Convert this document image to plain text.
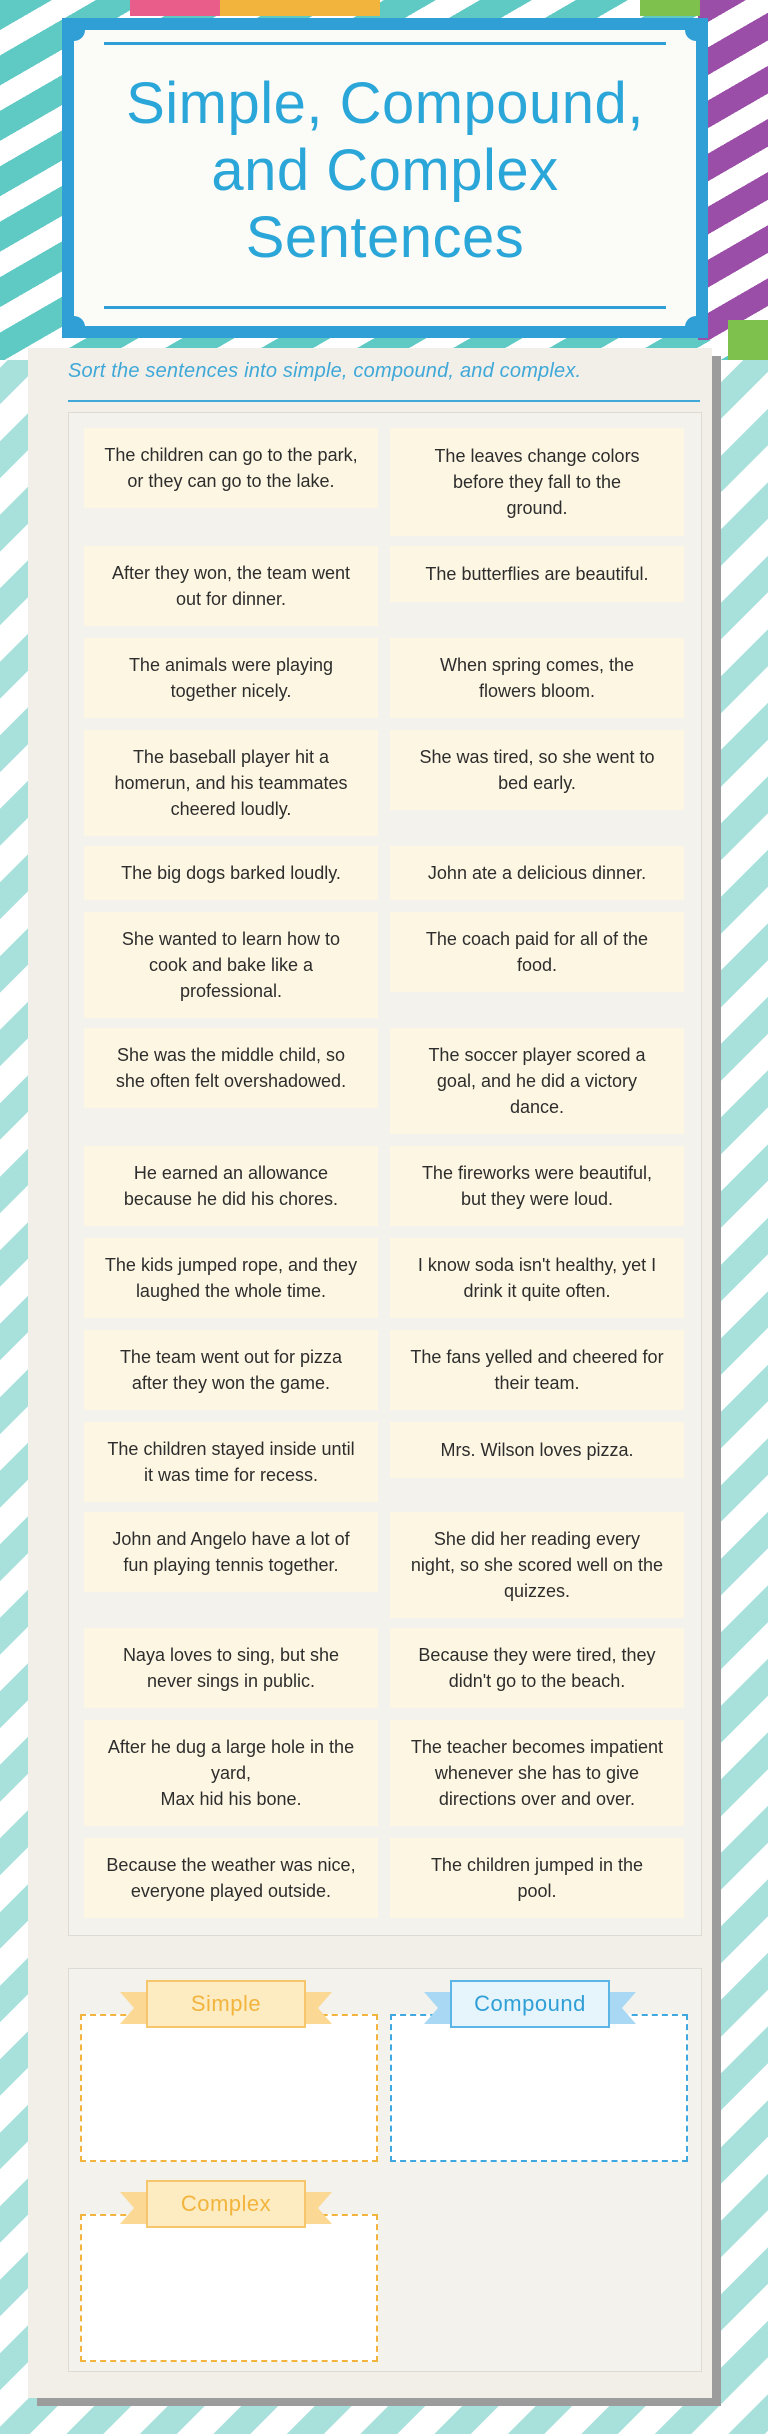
Simple, Compound,
and Complex
Sentences
Sort the sentences into simple, compound, and complex.
The children can go to the park,
or they can go to the lake.
The leaves change colors
before they fall to the
ground.
After they won, the team went
out for dinner.
The butterflies are beautiful.
The animals were playing
together nicely.
When spring comes, the
flowers bloom.
The baseball player hit a
homerun, and his teammates
cheered loudly.
She was tired, so she went to
bed early.
The big dogs barked loudly.	John ate a delicious dinner.
She wanted to learn how to
cook and bake like a
professional.
The coach paid for all of the
food.
She was the middle child, so
she often felt overshadowed.
The soccer player scored a
goal, and he did a victory
dance.
He earned an allowance
because he did his chores.
The fireworks were beautiful,
but they were loud.
The kids jumped rope, and they
laughed the whole time.
I know soda isn't healthy, yet I
drink it quite often.
The team went out for pizza
after they won the game.
The fans yelled and cheered for
their team.
The children stayed inside until
it was time for recess.
Mrs. Wilson loves pizza.
John and Angelo have a lot of
fun playing tennis together.
She did her reading every
night, so she scored well on the
quizzes.
Naya loves to sing, but she
never sings in public.
Because they were tired, they
didn't go to the beach.
After he dug a large hole in the
yard,
Max hid his bone.
The teacher becomes impatient
whenever she has to give
directions over and over.
Because the weather was nice,
everyone played outside.
The children jumped in the
pool.
Simple	Compound
Complex
